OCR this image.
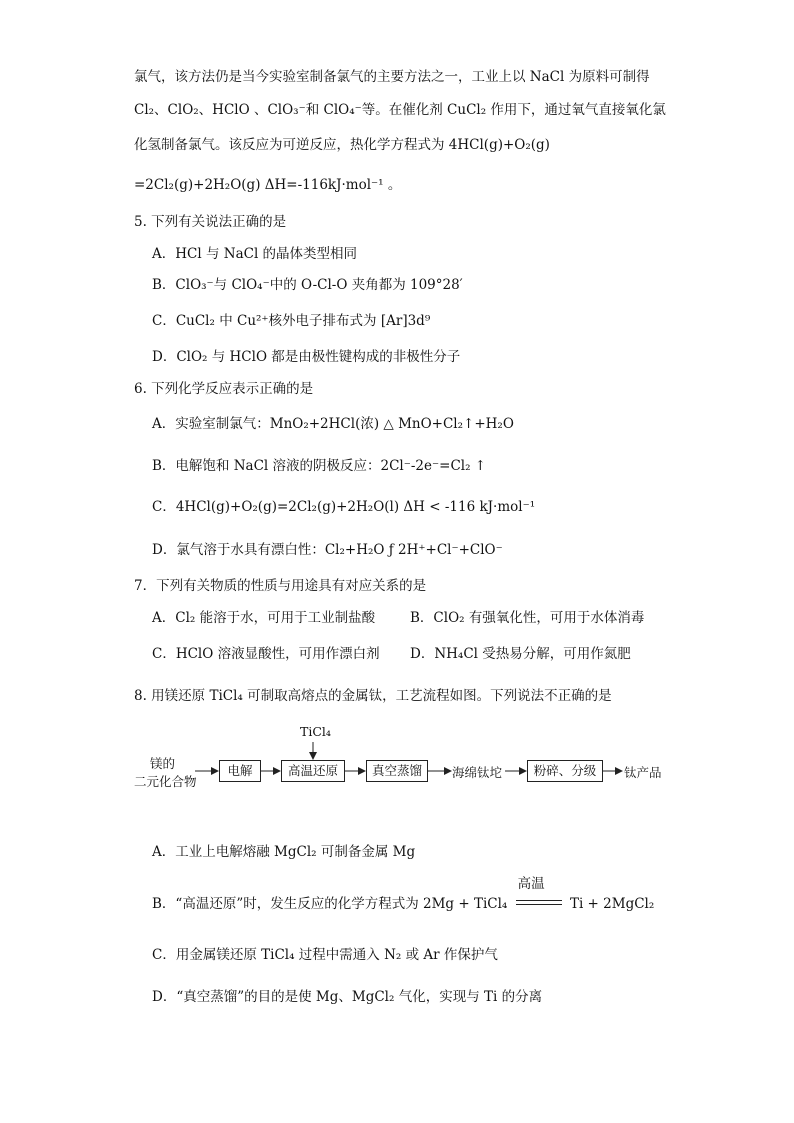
氯气，该方法仍是当今实验室制备氯气的主要方法之一，工业上以 NaCl 为原料可制得
Cl₂、ClO₂、HClO 、ClO₃⁻和 ClO₄⁻等。在催化剂 CuCl₂ 作用下，通过氧气直接氧化氯
化氢制备氯气。该反应为可逆反应，热化学方程式为 4HCl(g)+O₂(g)
=2Cl₂(g)+2H₂O(g) ΔH=-116kJ·mol⁻¹ 。
5. 下列有关说法正确的是
A．HCl 与 NaCl 的晶体类型相同
B．ClO₃⁻与 ClO₄⁻中的 O-Cl-O 夹角都为 109°28′
C．CuCl₂ 中 Cu²⁺核外电子排布式为 [Ar]3d⁹
D．ClO₂ 与 HClO 都是由极性键构成的非极性分子
6. 下列化学反应表示正确的是
A．实验室制氯气：MnO₂+2HCl(浓) △ MnO+Cl₂↑+H₂O
B．电解饱和 NaCl 溶液的阴极反应：2Cl⁻-2e⁻=Cl₂ ↑
C．4HCl(g)+O₂(g)=2Cl₂(g)+2H₂O(l) ΔH < -116 kJ·mol⁻¹
D．氯气溶于水具有漂白性：Cl₂+H₂O ƒ 2H⁺+Cl⁻+ClO⁻
7．下列有关物质的性质与用途具有对应关系的是
A．Cl₂ 能溶于水，可用于工业制盐酸	B．ClO₂ 有强氧化性，可用于水体消毒
C．HClO 溶液显酸性，可用作漂白剂 D．NH₄Cl 受热易分解，可用作氮肥
8. 用镁还原 TiCl₄ 可制取高熔点的金属钛，工艺流程如图。下列说法不正确的是
镁的
二元化合物
电解
TiCl₄
高温还原	真空蒸馏	海绵钛坨	粉碎、分级	钛产品
A．工业上电解熔融 MgCl₂ 可制备金属 Mg
B．“高温还原”时，发生反应的化学方程式为 2Mg + TiCl₄
高温
Ti + 2MgCl₂
C．用金属镁还原 TiCl₄ 过程中需通入 N₂ 或 Ar 作保护气
D．“真空蒸馏”的目的是使 Mg、MgCl₂ 气化，实现与 Ti 的分离
